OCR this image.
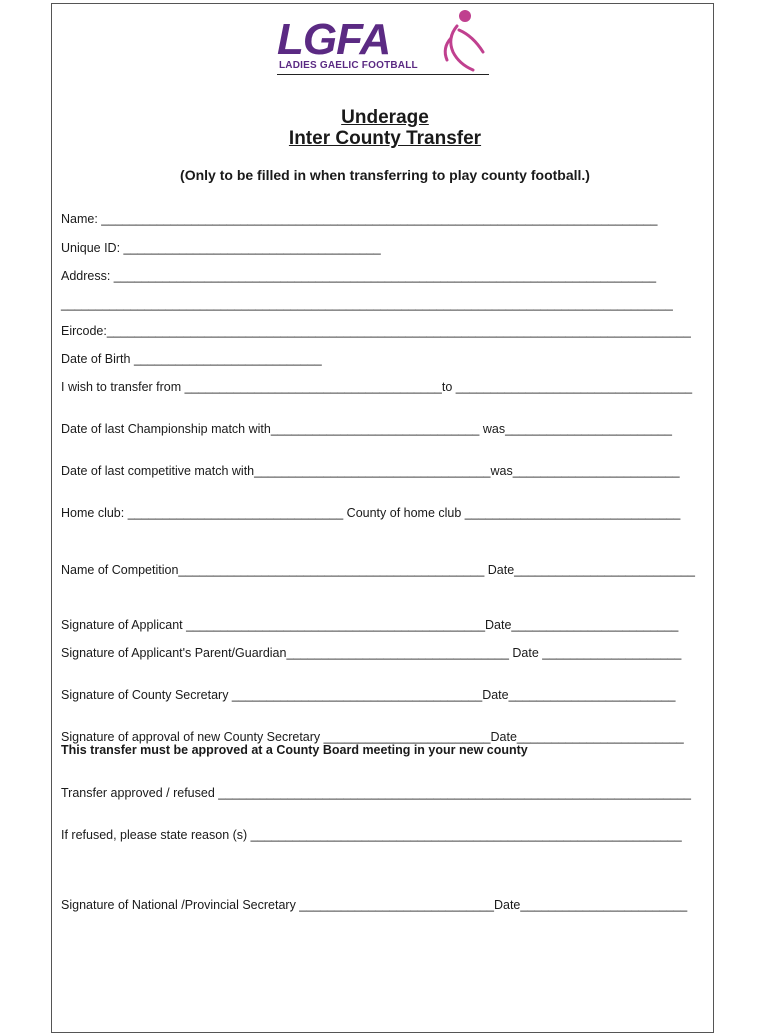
LGFA
LADIES GAELIC FOOTBALL
Underage
Inter County Transfer
(Only to be filled in when transferring to play county football.)
Name: ________________________________________________________________________________
Unique ID: _____________________________________
Address: ______________________________________________________________________________
________________________________________________________________________________________
Eircode:____________________________________________________________________________________
Date of Birth ___________________________
I wish to transfer from _____________________________________to __________________________________
Date of last Championship match with______________________________ was________________________
Date of last competitive match with__________________________________was________________________
Home club: _______________________________ County of home club _______________________________
Name of Competition____________________________________________ Date__________________________
Signature of Applicant ___________________________________________Date________________________
Signature of Applicant's Parent/Guardian________________________________ Date ____________________
Signature of County Secretary ____________________________________Date________________________
Signature of approval of new County Secretary ________________________Date________________________
This transfer must be approved at a County Board meeting in your new county
Transfer approved / refused ____________________________________________________________________
If refused, please state reason (s) ______________________________________________________________
Signature of National /Provincial Secretary ____________________________Date________________________
